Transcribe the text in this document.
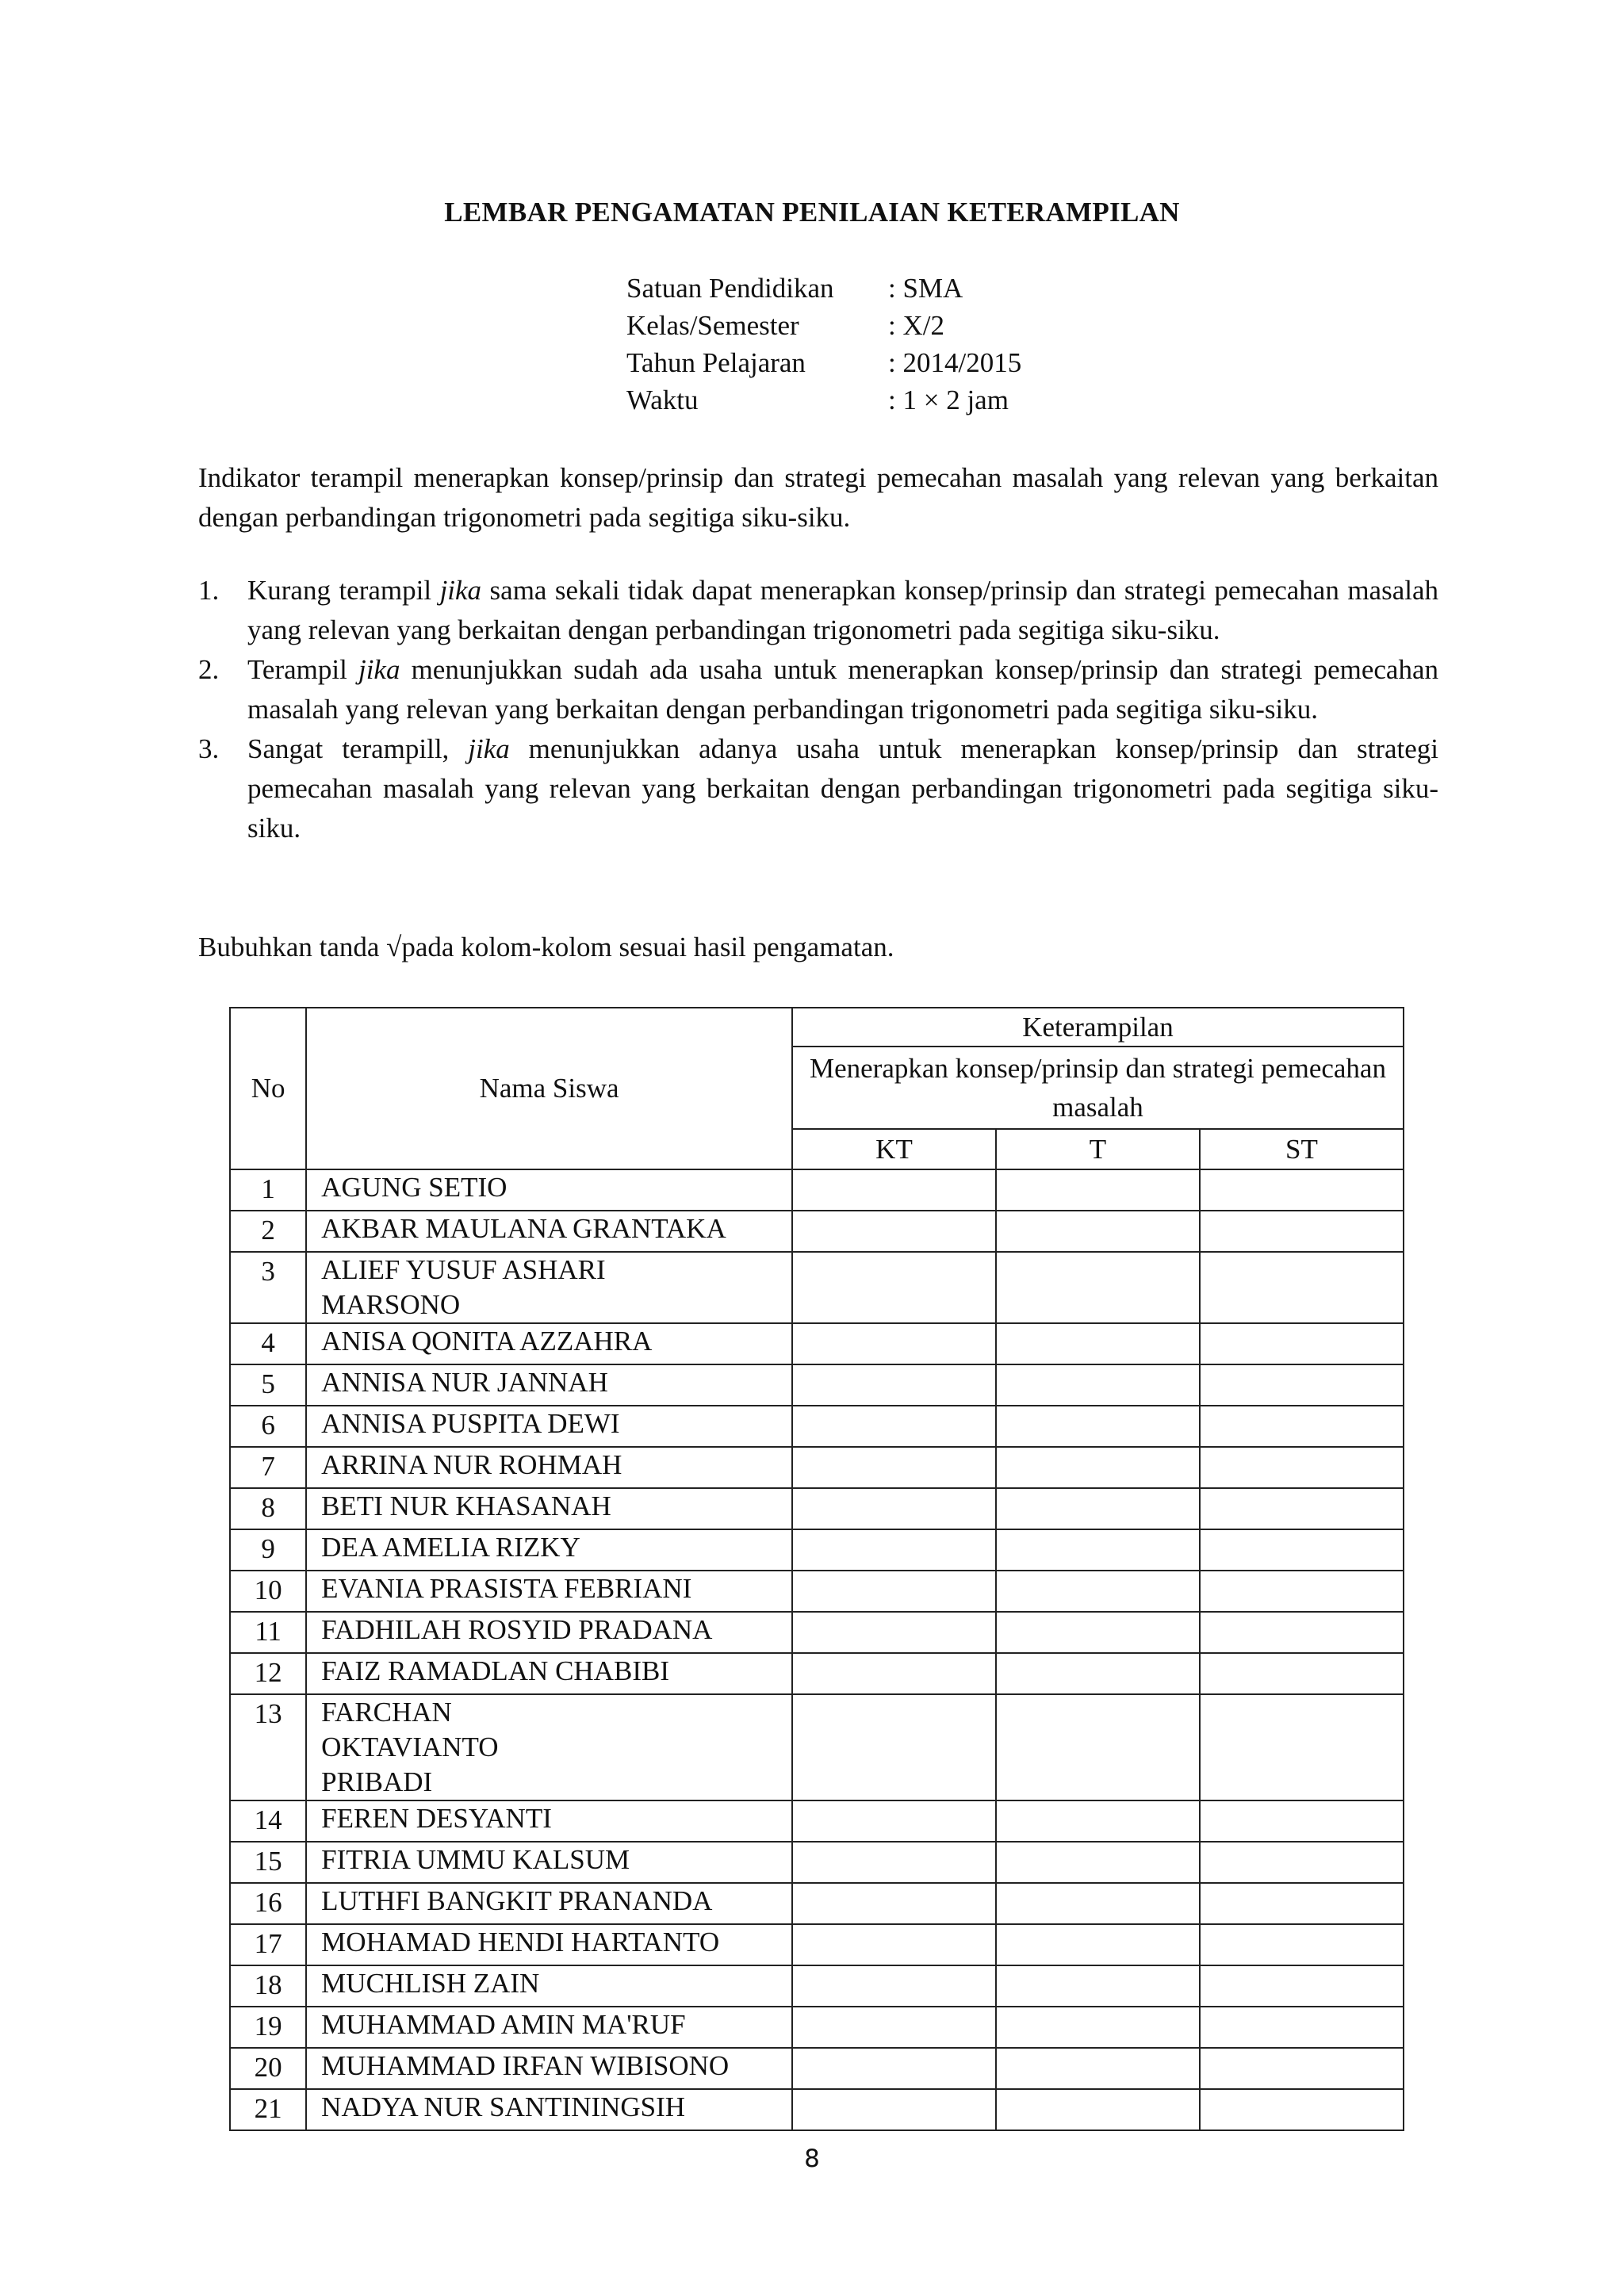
LEMBAR PENGAMATAN PENILAIAN KETERAMPILAN
Satuan Pendidikan	: SMA
Kelas/Semester	: X/2
Tahun Pelajaran	: 2014/2015
Waktu	: 1 × 2 jam
Indikator terampil menerapkan konsep/prinsip dan strategi pemecahan masalah yang relevan yang berkaitan dengan perbandingan trigonometri pada segitiga siku-siku.
1.	Kurang terampil jika sama sekali tidak dapat menerapkan konsep/prinsip dan strategi pemecahan masalah yang relevan yang berkaitan dengan perbandingan trigonometri pada segitiga siku-siku.
2.	Terampil jika menunjukkan sudah ada usaha untuk menerapkan konsep/prinsip dan strategi pemecahan masalah yang relevan yang berkaitan dengan perbandingan trigonometri pada segitiga siku-siku.
3.	Sangat terampill, jika menunjukkan adanya usaha untuk menerapkan konsep/prinsip dan strategi pemecahan masalah yang relevan yang berkaitan dengan perbandingan trigonometri pada segitiga siku-siku.
Bubuhkan tanda √pada kolom-kolom sesuai hasil pengamatan.
No	Nama Siswa	Keterampilan		
		Menerapkan konsep/prinsip dan strategi pemecahan masalah		
		KT	T	ST
1	AGUNG SETIO			
2	AKBAR MAULANA GRANTAKA			
3	ALIEF YUSUF ASHARI MARSONO			
4	ANISA QONITA AZZAHRA			
5	ANNISA NUR JANNAH			
6	ANNISA PUSPITA DEWI			
7	ARRINA NUR ROHMAH			
8	BETI NUR KHASANAH			
9	DEA AMELIA RIZKY			
10	EVANIA PRASISTA FEBRIANI			
11	FADHILAH ROSYID PRADANA			
12	FAIZ RAMADLAN CHABIBI			
13	FARCHAN OKTAVIANTO PRIBADI			
14	FEREN DESYANTI			
15	FITRIA UMMU KALSUM			
16	LUTHFI BANGKIT PRANANDA			
17	MOHAMAD HENDI HARTANTO			
18	MUCHLISH ZAIN			
19	MUHAMMAD AMIN MA'RUF			
20	MUHAMMAD IRFAN WIBISONO			
21	NADYA NUR SANTININGSIH			
8
